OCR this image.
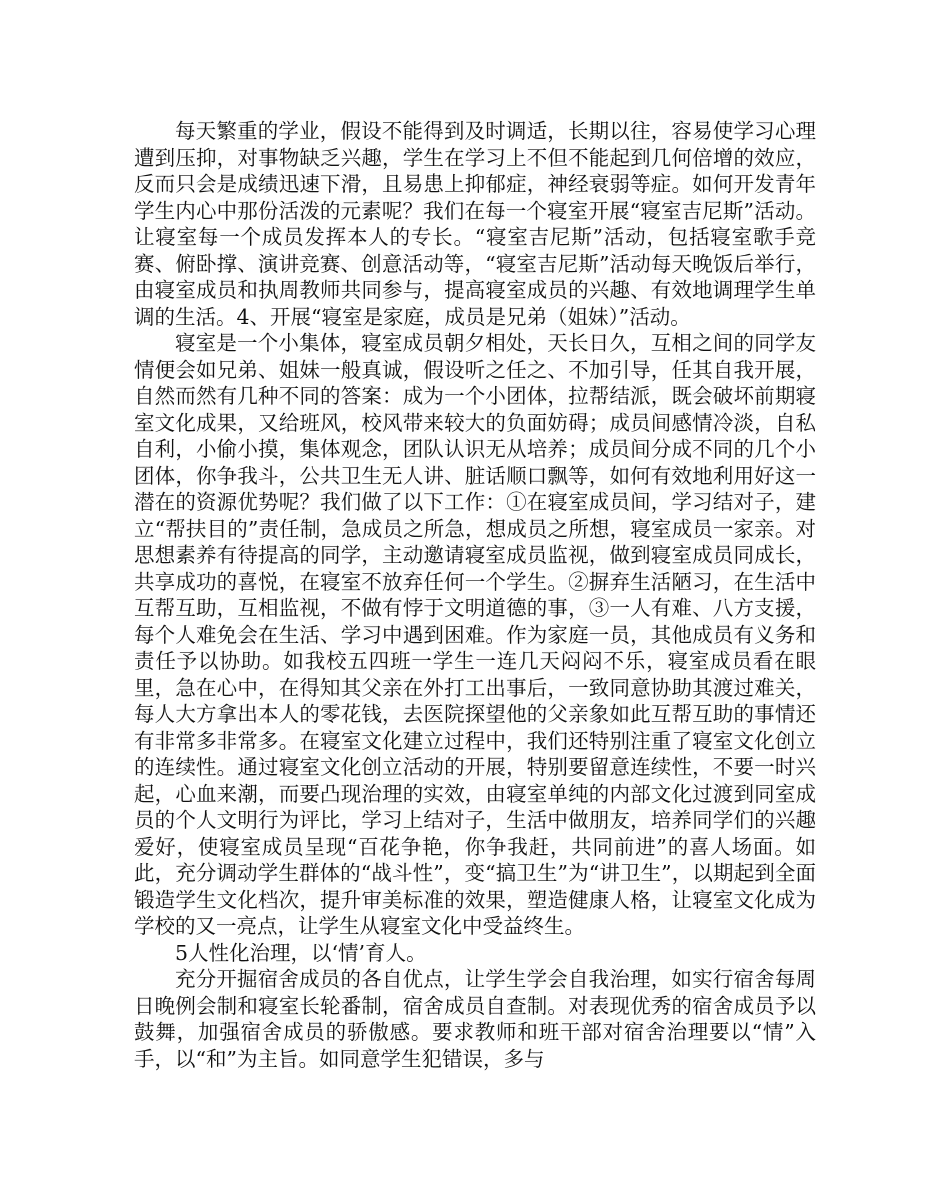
每天繁重的学业，假设不能得到及时调适，长期以往，容易使学习心理遭到压抑，对事物缺乏兴趣，学生在学习上不但不能起到几何倍增的效应，反而只会是成绩迅速下滑，且易患上抑郁症，神经衰弱等症。如何开发青年学生内心中那份活泼的元素呢？我们在每一个寝室开展“寝室吉尼斯”活动。让寝室每一个成员发挥本人的专长。“寝室吉尼斯”活动，包括寝室歌手竞赛、俯卧撑、演讲竞赛、创意活动等，“寝室吉尼斯”活动每天晚饭后举行，由寝室成员和执周教师共同参与，提高寝室成员的兴趣、有效地调理学生单调的生活。4、开展“寝室是家庭，成员是兄弟（姐妹）”活动。

寝室是一个小集体，寝室成员朝夕相处，天长日久，互相之间的同学友情便会如兄弟、姐妹一般真诚，假设听之任之、不加引导，任其自我开展，自然而然有几种不同的答案：成为一个小团体，拉帮结派，既会破坏前期寝室文化成果，又给班风，校风带来较大的负面妨碍；成员间感情冷淡，自私自利，小偷小摸，集体观念，团队认识无从培养；成员间分成不同的几个小团体，你争我斗，公共卫生无人讲、脏话顺口飘等，如何有效地利用好这一潜在的资源优势呢？我们做了以下工作：①在寝室成员间，学习结对子，建立“帮扶目的”责任制，急成员之所急，想成员之所想，寝室成员一家亲。对思想素养有待提高的同学，主动邀请寝室成员监视，做到寝室成员同成长，共享成功的喜悦，在寝室不放弃任何一个学生。②摒弃生活陋习，在生活中互帮互助，互相监视，不做有悖于文明道德的事，③一人有难、八方支援，每个人难免会在生活、学习中遇到困难。作为家庭一员，其他成员有义务和责任予以协助。如我校五四班一学生一连几天闷闷不乐，寝室成员看在眼里，急在心中，在得知其父亲在外打工出事后，一致同意协助其渡过难关，每人大方拿出本人的零花钱，去医院探望他的父亲象如此互帮互助的事情还有非常多非常多。在寝室文化建立过程中，我们还特别注重了寝室文化创立的连续性。通过寝室文化创立活动的开展，特别要留意连续性，不要一时兴起，心血来潮，而要凸现治理的实效，由寝室单纯的内部文化过渡到同室成员的个人文明行为评比，学习上结对子，生活中做朋友，培养同学们的兴趣爱好，使寝室成员呈现“百花争艳，你争我赶，共同前进”的喜人场面。如此，充分调动学生群体的“战斗性”，变“搞卫生”为“讲卫生”，以期起到全面锻造学生文化档次，提升审美标准的效果，塑造健康人格，让寝室文化成为学校的又一亮点，让学生从寝室文化中受益终生。

5人性化治理，以‘情’育人。

充分开掘宿舍成员的各自优点，让学生学会自我治理，如实行宿舍每周日晚例会制和寝室长轮番制，宿舍成员自查制。对表现优秀的宿舍成员予以鼓舞，加强宿舍成员的骄傲感。要求教师和班干部对宿舍治理要以“情”入手，以“和”为主旨。如同意学生犯错误，多与
